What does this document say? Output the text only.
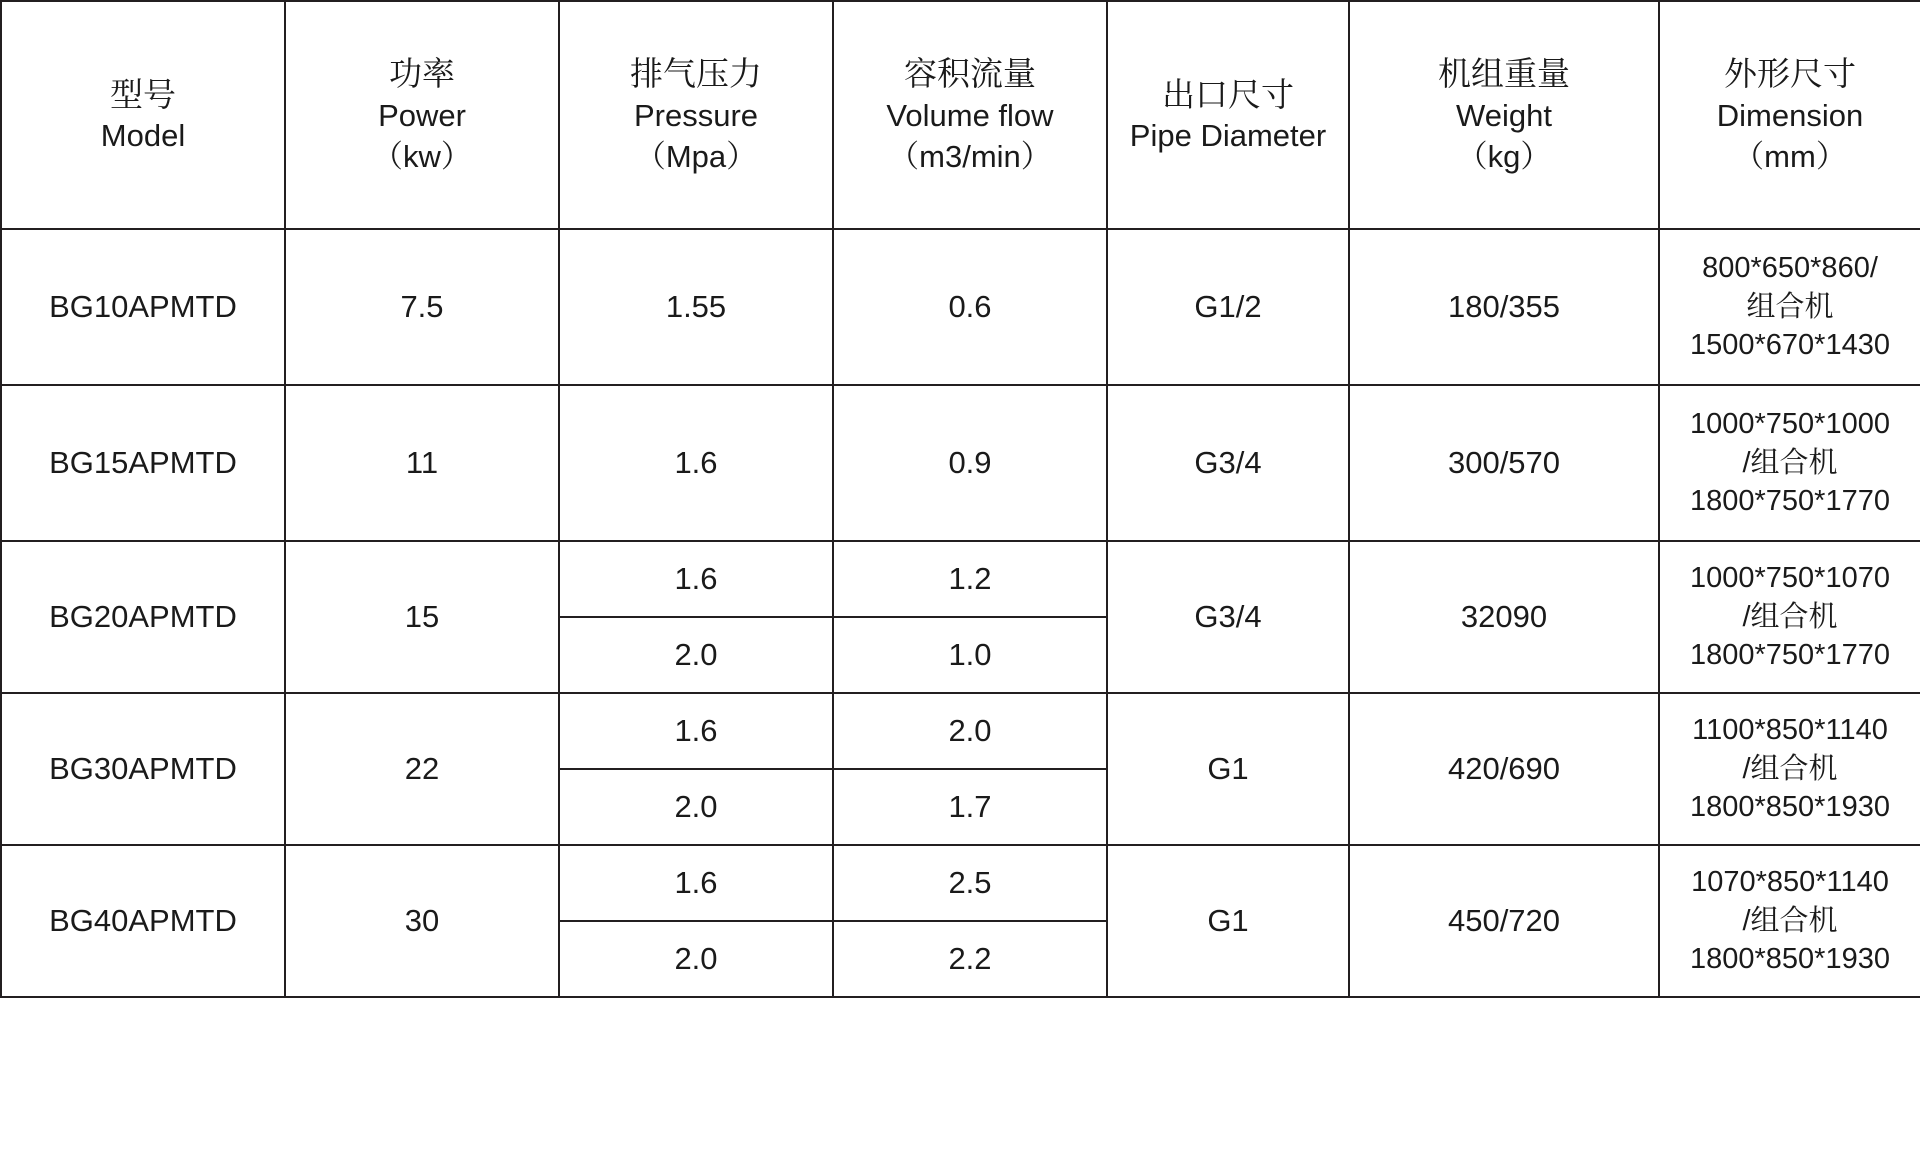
型号
Model	功率
Power
（kw）	排气压力
Pressure
（Mpa）	容积流量
Volume flow
（m3/min）	出口尺寸
Pipe Diameter	机组重量
Weight
（kg）	外形尺寸
Dimension
（mm）

BG10APMTD	7.5	1.55	0.6	G1/2	180/355	800*650*860/
组合机
1500*670*1430

BG15APMTD	11	1.6	0.9	G3/4	300/570	1000*750*1000
/组合机
1800*750*1770

BG20APMTD	15	1.6	1.2	G3/4	32090	1000*750*1070
/组合机
1800*750*1770

		2.0	1.0			
BG30APMTD	22	1.6	2.0	G1	420/690	1100*850*1140
/组合机
1800*850*1930

		2.0	1.7			
BG40APMTD	30	1.6	2.5	G1	450/720	1070*850*1140
/组合机
1800*850*1930

		2.0	2.2			
